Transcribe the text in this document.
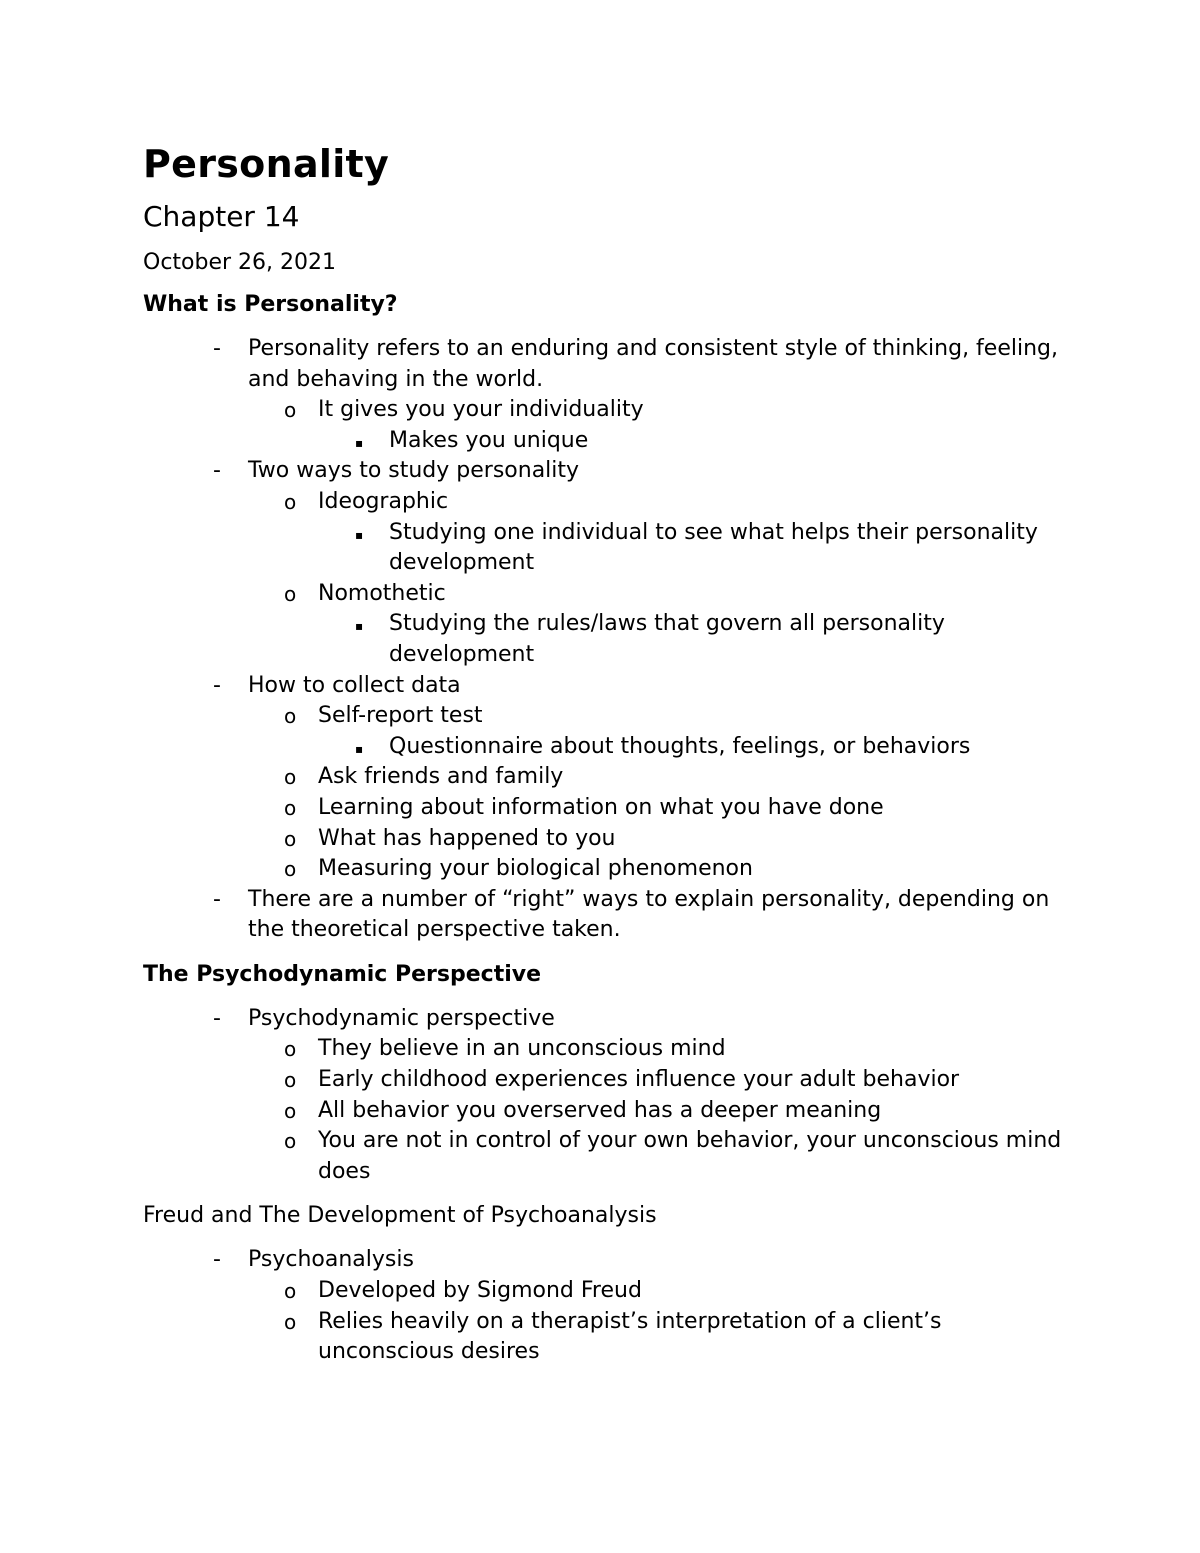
Personality
Chapter 14
October 26, 2021
What is Personality?
- Personality refers to an enduring and consistent style of thinking, feeling, and behaving in the world.
o It gives you your individuality
▪ Makes you unique
- Two ways to study personality
o Ideographic
▪ Studying one individual to see what helps their personality development
o Nomothetic
▪ Studying the rules/laws that govern all personality development
- How to collect data
o Self-report test
▪ Questionnaire about thoughts, feelings, or behaviors
o Ask friends and family
o Learning about information on what you have done
o What has happened to you
o Measuring your biological phenomenon
- There are a number of “right” ways to explain personality, depending on the theoretical perspective taken.
The Psychodynamic Perspective
- Psychodynamic perspective
o They believe in an unconscious mind
o Early childhood experiences influence your adult behavior
o All behavior you overserved has a deeper meaning
o You are not in control of your own behavior, your unconscious mind does
Freud and The Development of Psychoanalysis
- Psychoanalysis
o Developed by Sigmond Freud
o Relies heavily on a therapist’s interpretation of a client’s unconscious desires
